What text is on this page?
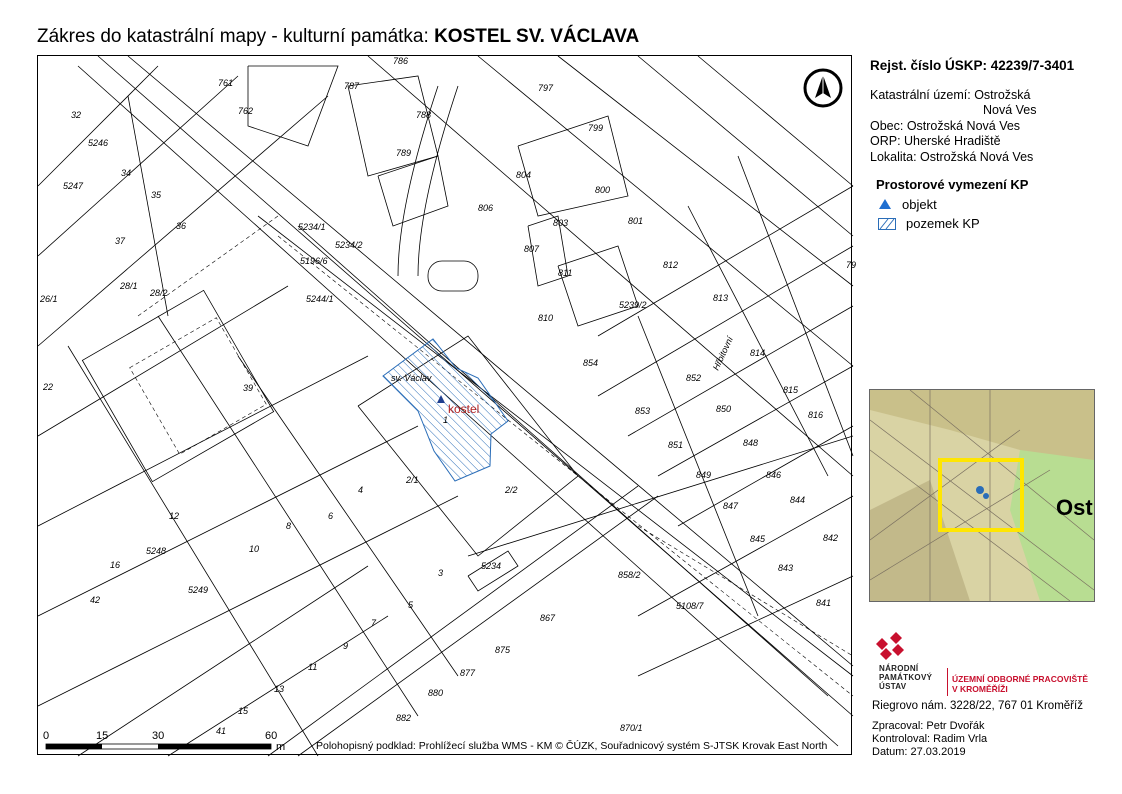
Zákres do katastrální mapy - kulturní památka: KOSTEL SV. VÁCLAVA
sv. Václav
kostel
1
Hřbitovní
786
787
761
762	788
797
789
799
32
5246
34
35
36
37
5247
804
806
803
800
801
807
811
812
813
810
28/1
28/2
26/1	5244/1
5234/1
5234/2
5196/6
5239/2
814
815
816
854
852
853	850
851	848
849	846
847
845
844
842
843
841
22	39
2/1
2/2
4
6
8
10
12
5248
16
42
5249
3
5
7
9
11
13
15
41
5234
858/2
5108/7
867
875
877
880
882
870/1
79
0	15	30	60
m	Polohopisný podklad: Prohlížecí služba WMS - KM © ČÚZK, Souřadnicový systém S-JTSK Krovak East North
Rejst. číslo ÚSKP: 42239/7-3401
Katastrální území: Ostrožská
Nová Ves
Obec: Ostrožská Nová Ves
ORP: Uherské Hradiště
Lokalita: Ostrožská Nová Ves
Prostorové vymezení KP
objekt
pozemek KP
Ost
NÁRODNÍ
PAMÁTKOVÝ
ÚSTAV
ÚZEMNÍ ODBORNÉ PRACOVIŠTĚ
V KROMĚŘÍŽI
Riegrovo nám. 3228/22, 767 01 Kroměříž
Zpracoval: Petr Dvořák
Kontroloval: Radim Vrla
Datum: 27.03.2019
